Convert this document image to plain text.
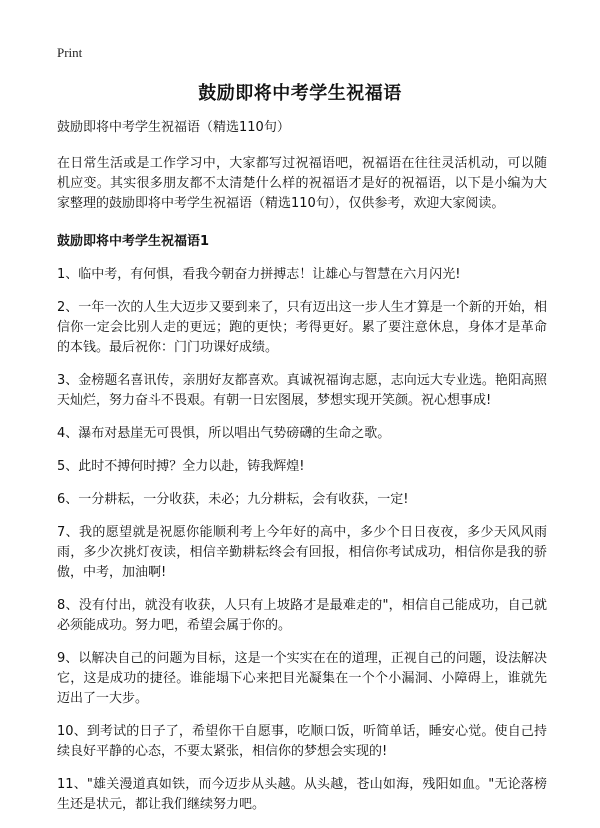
Print
鼓励即将中考学生祝福语

鼓励即将中考学生祝福语（精选110句）

在日常生活或是工作学习中，大家都写过祝福语吧，祝福语在往往灵活机动，可以随机应变。其实很多朋友都不太清楚什么样的祝福语才是好的祝福语，以下是小编为大家整理的鼓励即将中考学生祝福语（精选110句），仅供参考，欢迎大家阅读。

鼓励即将中考学生祝福语1

1、临中考，有何惧，看我今朝奋力拼搏志！让雄心与智慧在六月闪光!

2、一年一次的人生大迈步又要到来了，只有迈出这一步人生才算是一个新的开始，相信你一定会比别人走的更远；跑的更快；考得更好。累了要注意休息，身体才是革命的本钱。最后祝你：门门功课好成绩。

3、金榜题名喜讯传，亲朋好友都喜欢。真诚祝福询志愿，志向远大专业选。艳阳高照天灿烂，努力奋斗不畏艰。有朝一日宏图展，梦想实现开笑颜。祝心想事成!

4、瀑布对悬崖无可畏惧，所以唱出气势磅礴的生命之歌。

5、此时不搏何时搏？全力以赴，铸我辉煌!

6、一分耕耘，一分收获，未必；九分耕耘，会有收获，一定!

7、我的愿望就是祝愿你能顺利考上今年好的高中，多少个日日夜夜，多少天风风雨雨，多少次挑灯夜读，相信辛勤耕耘终会有回报，相信你考试成功，相信你是我的骄傲，中考，加油啊!

8、没有付出，就没有收获，人只有上坡路才是最难走的"，相信自己能成功，自己就必须能成功。努力吧，希望会属于你的。

9、以解决自己的问题为目标，这是一个实实在在的道理，正视自己的问题，设法解决它，这是成功的捷径。谁能塌下心来把目光凝集在一个个小漏洞、小障碍上，谁就先迈出了一大步。

10、到考试的日子了，希望你干自愿事，吃顺口饭，听简单话，睡安心觉。使自己持续良好平静的心态，不要太紧张，相信你的梦想会实现的!

11、"雄关漫道真如铁，而今迈步从头越。从头越，苍山如海，残阳如血。"无论落榜生还是状元，都让我们继续努力吧。
